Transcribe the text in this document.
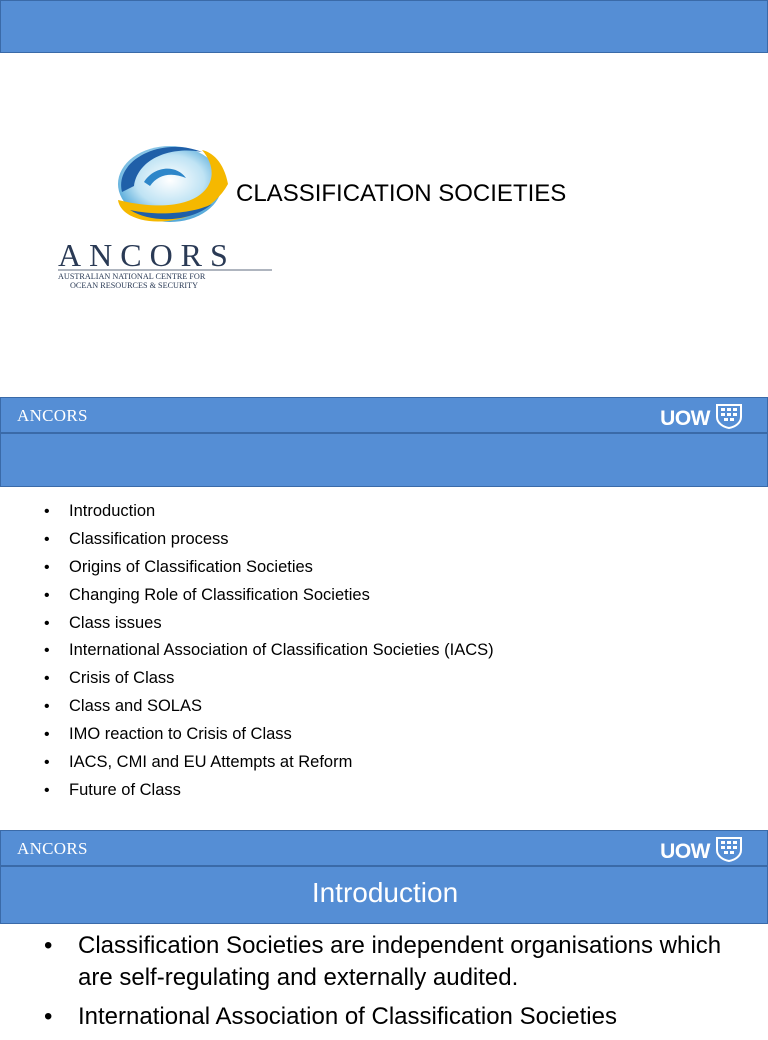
ANCORS
AUSTRALIAN NATIONAL CENTRE FOR
OCEAN RESOURCES & SECURITY
CLASSIFICATION SOCIETIES
ANCORS	UOW
• Introduction
• Classification process
• Origins of Classification Societies
• Changing Role of Classification Societies
• Class issues
• International Association of Classification Societies (IACS)
• Crisis of Class
• Class and SOLAS
• IMO reaction to Crisis of Class
• IACS, CMI and EU Attempts at Reform
• Future of Class
ANCORS	UOW
Introduction
• Classification Societies are independent organisations which are self-regulating and externally audited.
• International Association of Classification Societies
